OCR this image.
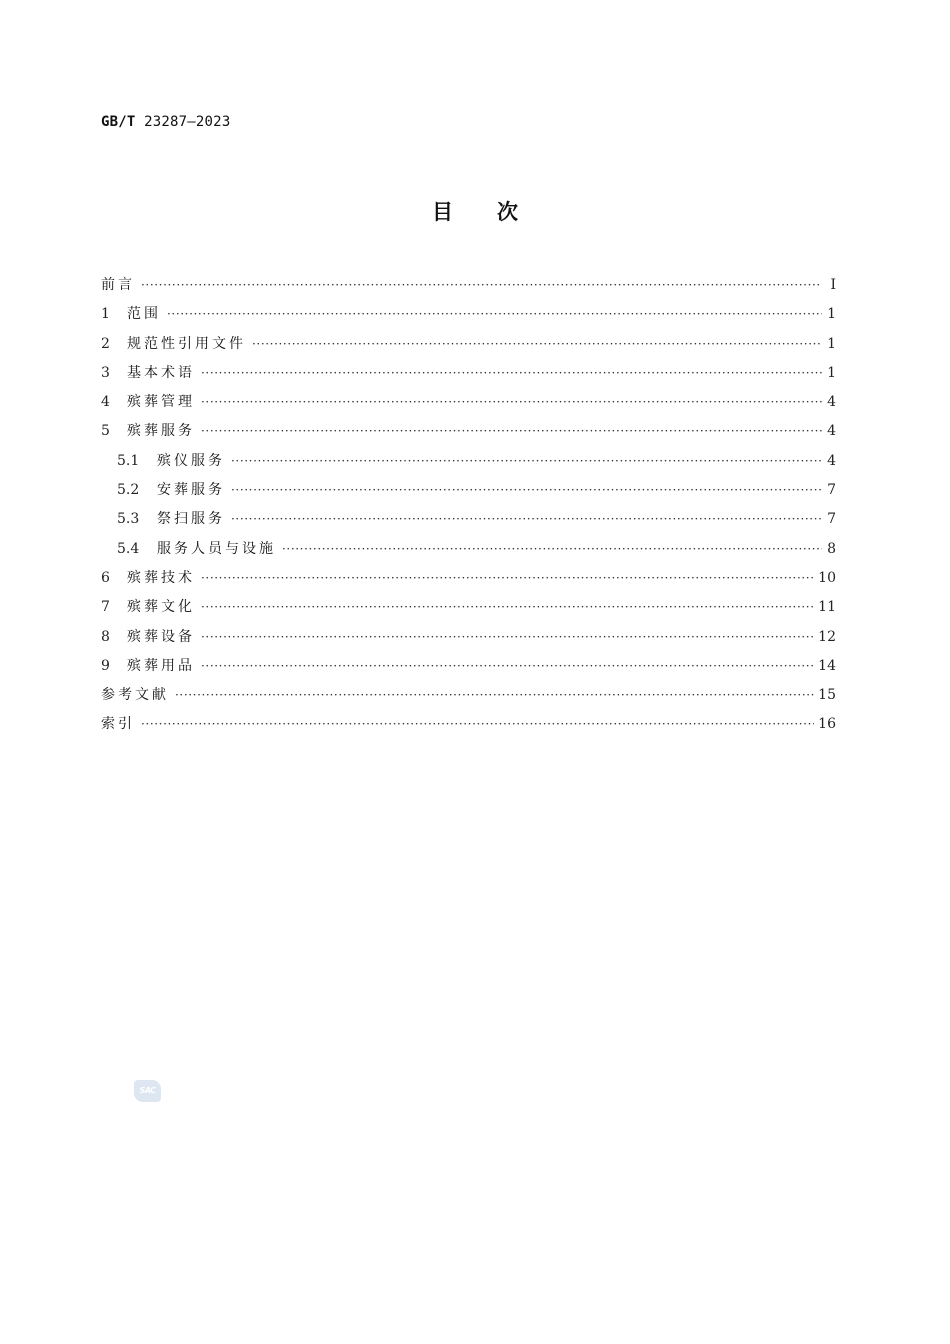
GB/T 23287—2023
目次
前言 ·····	Ⅰ
1	范围 ·····	1
2	规范性引用文件 ·····	1
3	基本术语 ·····	1
4	殡葬管理 ·····	4
5	殡葬服务 ·····	4
5.1	殡仪服务 ·····	4
5.2	安葬服务 ·····	7
5.3	祭扫服务 ·····	7
5.4	服务人员与设施 ·····	8
6	殡葬技术 ·····	10
7	殡葬文化 ·····	11
8	殡葬设备 ·····	12
9	殡葬用品 ·····	14
参考文献 ·····	15
索引 ·····	16
SAC
